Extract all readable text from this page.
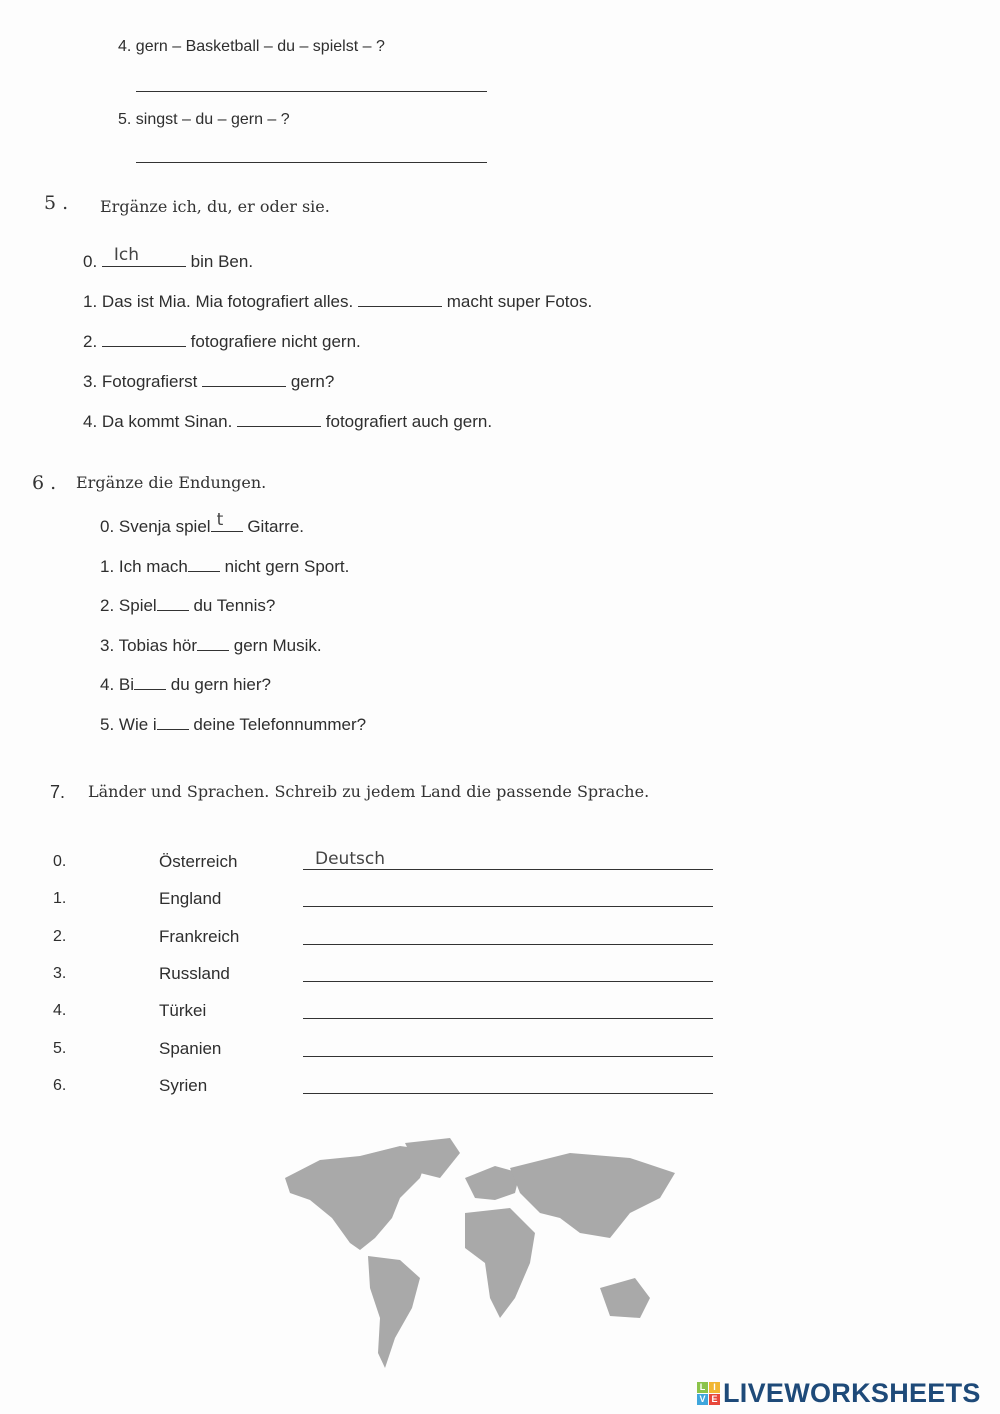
4. gern – Basketball – du – spielst – ?
5. singst – du – gern – ?
5 . Ergänze ich, du, er oder sie.
0. Ich	bin Ben.
1. Das ist Mia. Mia fotografiert alles.	macht super Fotos.
2.	fotografiere nicht gern.
3. Fotografierst	gern?
4. Da kommt Sinan.	fotografiert auch gern.
6 . Ergänze die Endungen.
0. Svenja spiel t Gitarre.
1. Ich mach nicht gern Sport.
2. Spiel du Tennis?
3. Tobias hör gern Musik.
4. Bi du gern hier?
5. Wie i deine Telefonnummer?
7. Länder und Sprachen. Schreib zu jedem Land die passende Sprache.
0.	Österreich	Deutsch
1.	England
2.	Frankreich
3.	Russland
4.	Türkei
5.	Spanien
6.	Syrien
L I
V E LIVEWORKSHEETS
